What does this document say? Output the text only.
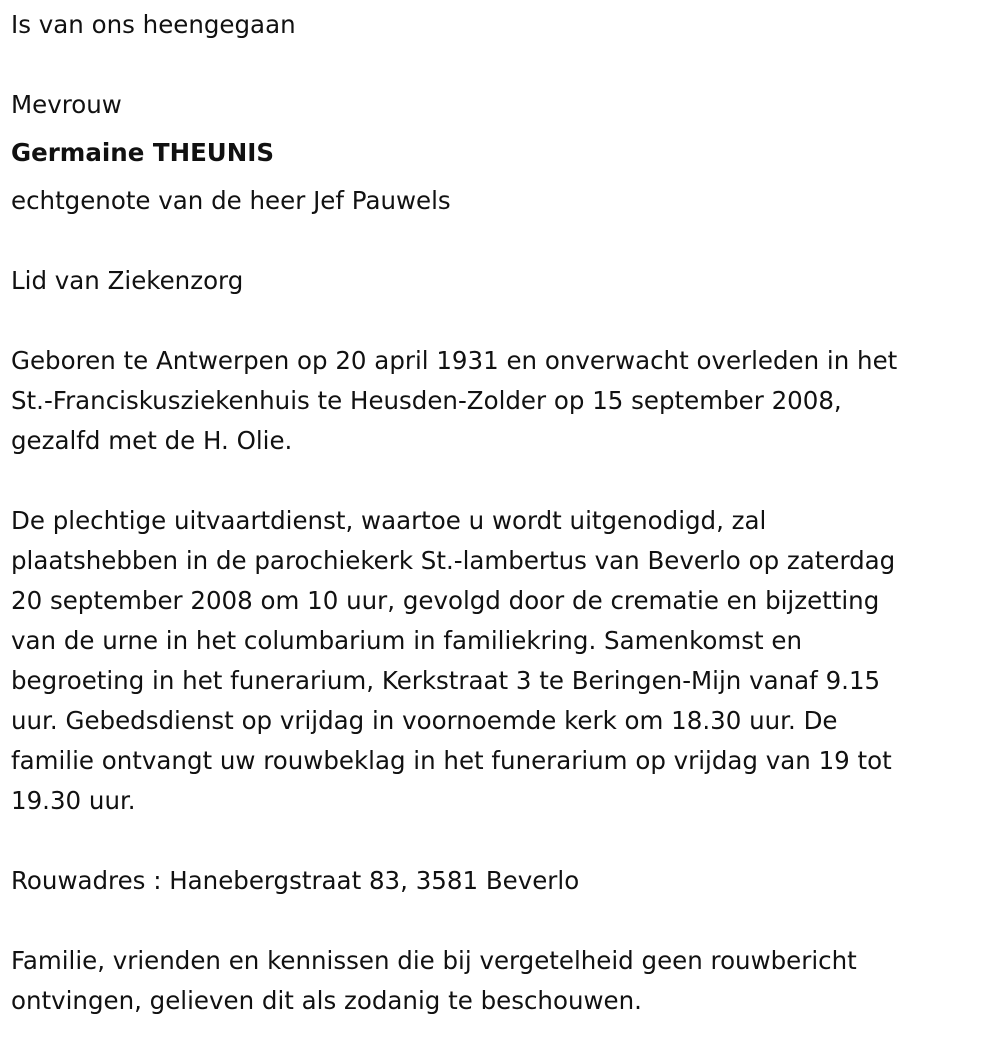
Is van ons heengegaan

Mevrouw

Germaine THEUNIS

echtgenote van de heer Jef Pauwels

Lid van Ziekenzorg

Geboren te Antwerpen op 20 april 1931 en onverwacht overleden in het

St.-Franciskusziekenhuis te Heusden-Zolder op 15 september 2008,

gezalfd met de H. Olie.

De plechtige uitvaartdienst, waartoe u wordt uitgenodigd, zal

plaatshebben in de parochiekerk St.-lambertus van Beverlo op zaterdag

20 september 2008 om 10 uur, gevolgd door de crematie en bijzetting

van de urne in het columbarium in familiekring. Samenkomst en

begroeting in het funerarium, Kerkstraat 3 te Beringen-Mijn vanaf 9.15

uur. Gebedsdienst op vrijdag in voornoemde kerk om 18.30 uur. De

familie ontvangt uw rouwbeklag in het funerarium op vrijdag van 19 tot

19.30 uur.

Rouwadres : Hanebergstraat 83, 3581 Beverlo

Familie, vrienden en kennissen die bij vergetelheid geen rouwbericht

ontvingen, gelieven dit als zodanig te beschouwen.
